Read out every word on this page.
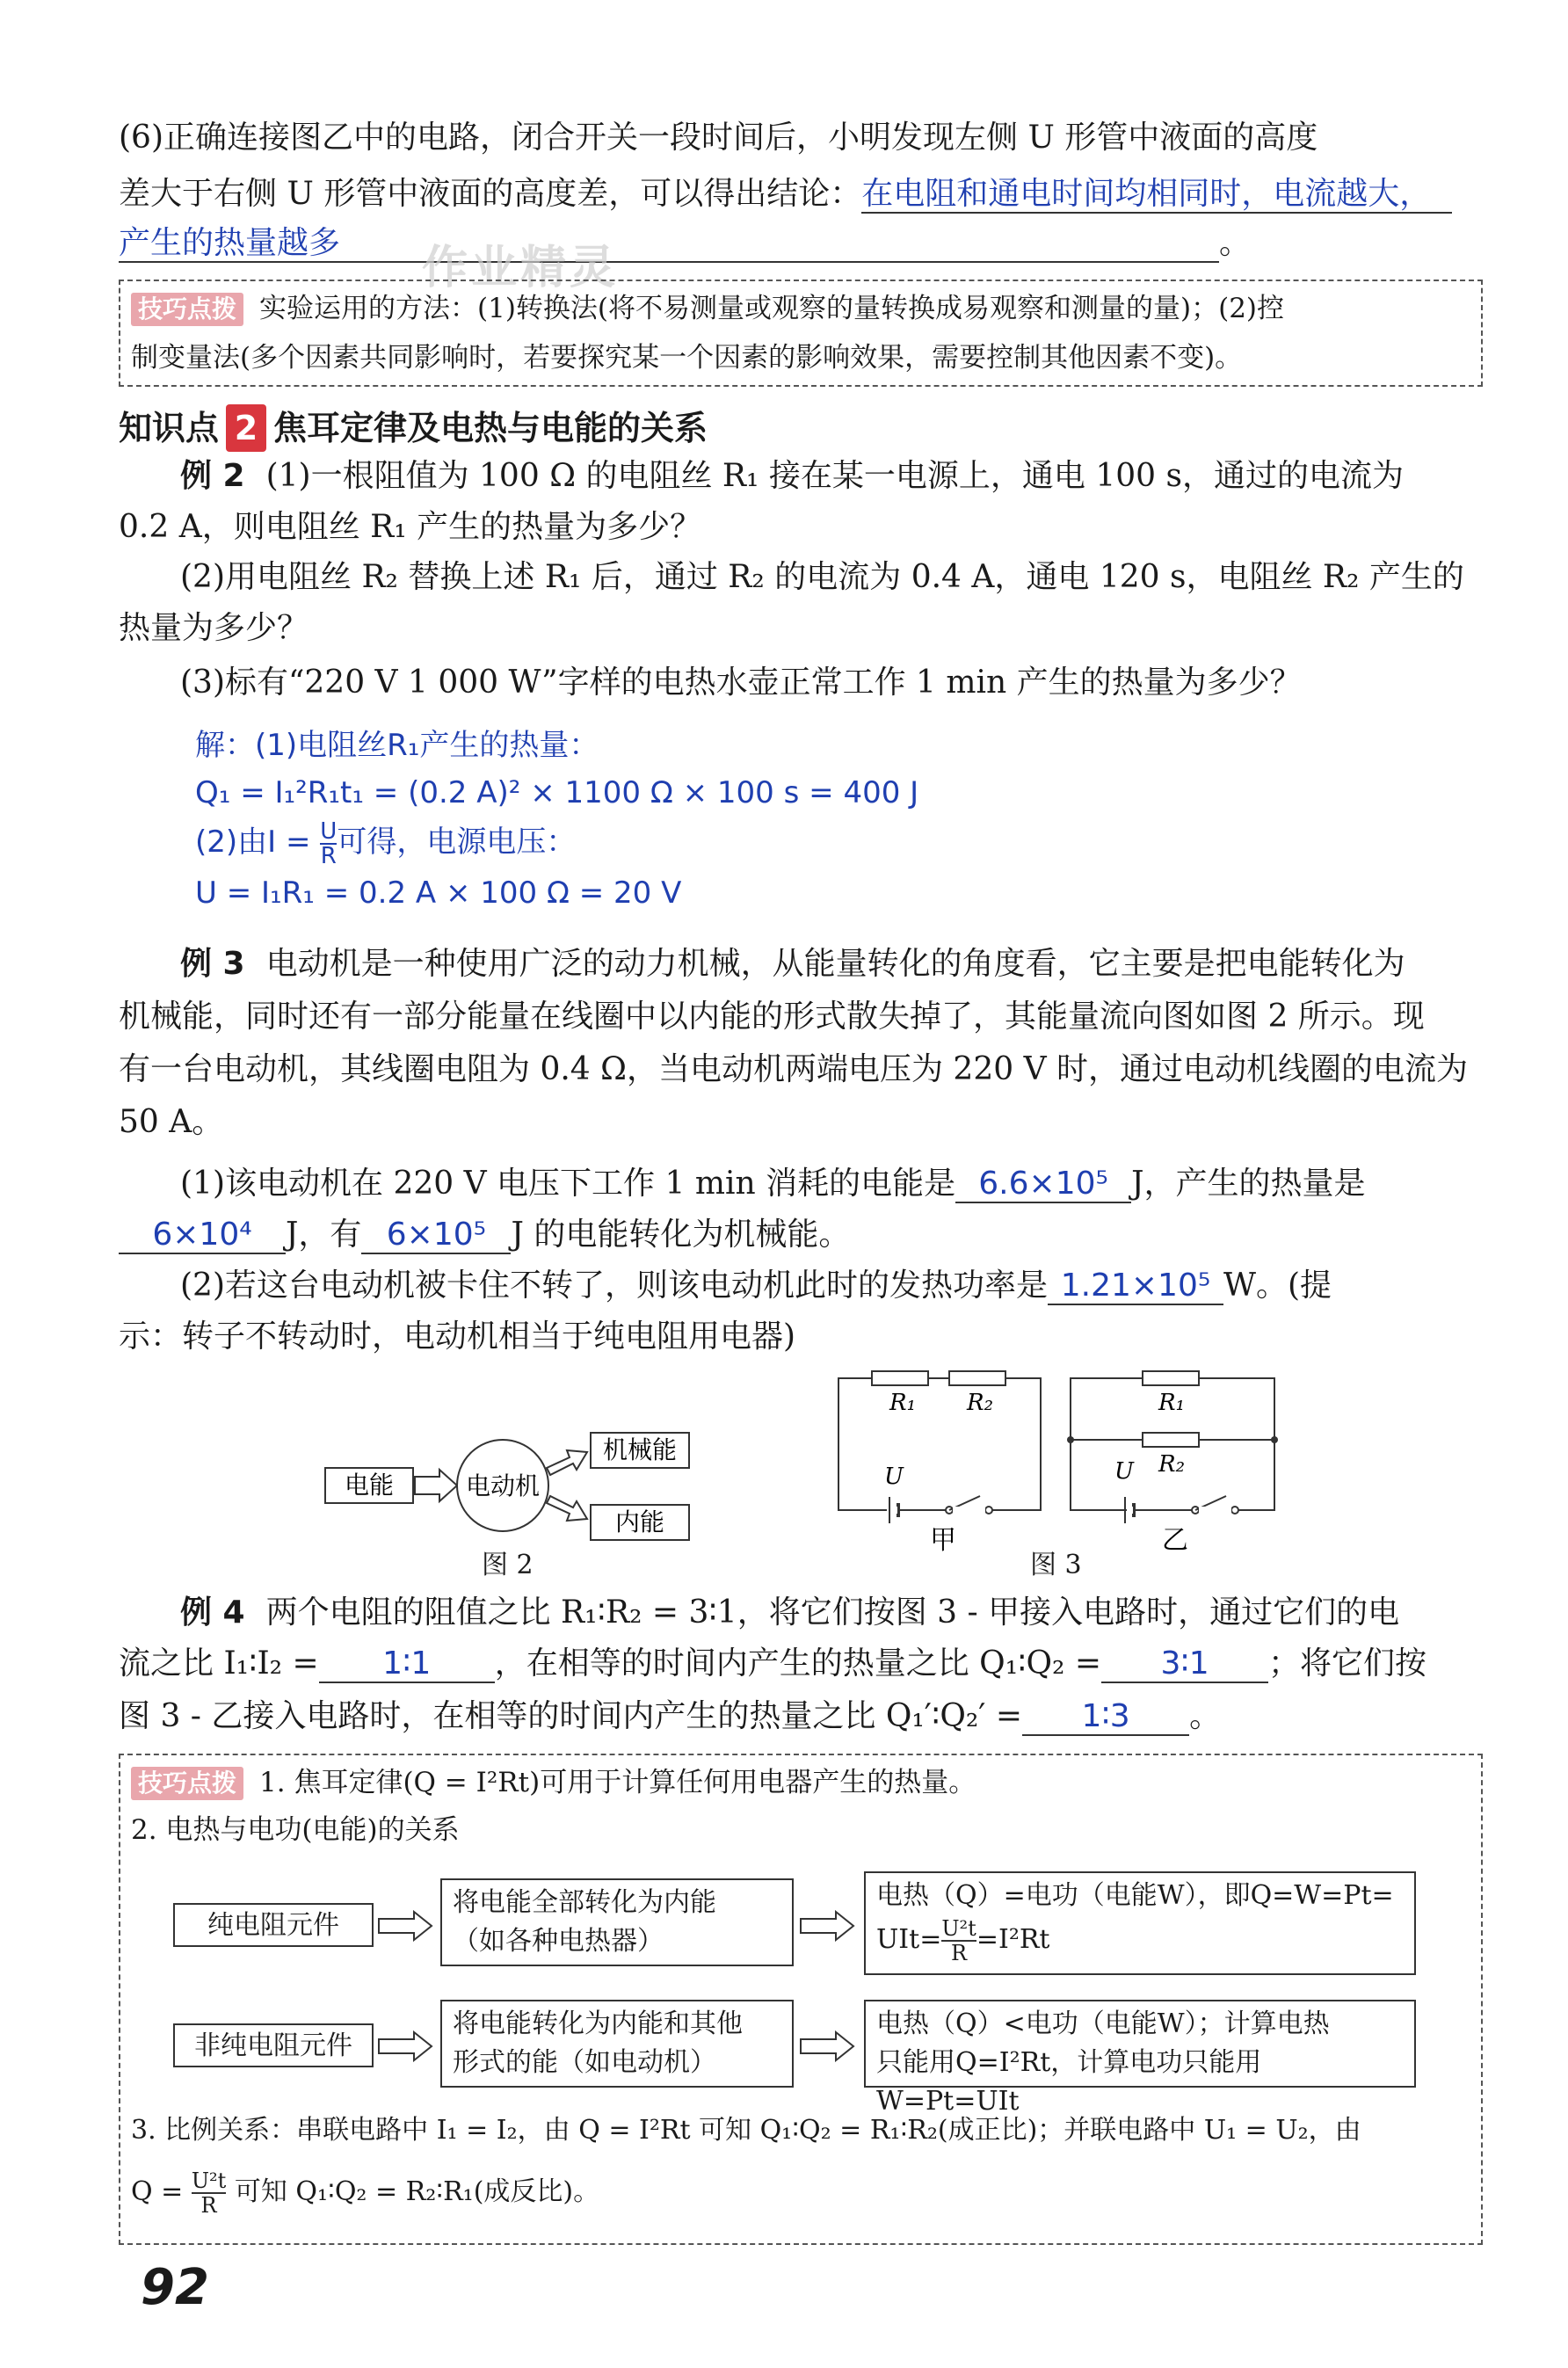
(6)正确连接图乙中的电路，闭合开关一段时间后，小明发现左侧 U 形管中液面的高度
差大于右侧 U 形管中液面的高度差，可以得出结论：在电阻和通电时间均相同时，电流越大，
产生的热量越多	。
作业精灵
技巧点拨 实验运用的方法：(1)转换法(将不易测量或观察的量转换成易观察和测量的量)；(2)控
制变量法(多个因素共同影响时，若要探究某一个因素的影响效果，需要控制其他因素不变)。
知识点 2 焦耳定律及电热与电能的关系
例 2 (1)一根阻值为 100 Ω 的电阻丝 R₁ 接在某一电源上，通电 100 s，通过的电流为
0.2 A，则电阻丝 R₁ 产生的热量为多少？
(2)用电阻丝 R₂ 替换上述 R₁ 后，通过 R₂ 的电流为 0.4 A，通电 120 s，电阻丝 R₂ 产生的
热量为多少？
(3)标有“220 V 1 000 W”字样的电热水壶正常工作 1 min 产生的热量为多少？
解：(1)电阻丝R₁产生的热量：
Q₁ = I₁²R₁t₁ = (0.2 A)² × 1100 Ω × 100 s = 400 J
(2)由$I = \frac{U}{R}$ 可得，电源电压：
U = I₁R₁ = 0.2 A × 100 Ω = 20 V
例 3 电动机是一种使用广泛的动力机械，从能量转化的角度看，它主要是把电能转化为
机械能，同时还有一部分能量在线圈中以内能的形式散失掉了，其能量流向图如图 2 所示。现
有一台电动机，其线圈电阻为 0.4 Ω，当电动机两端电压为 220 V 时，通过电动机线圈的电流为
50 A。
(1)该电动机在 220 V 电压下工作 1 min 消耗的电能是 6.6×10⁵ J，产生的热量是
6×10⁴ J，有 6×10⁵ J 的电能转化为机械能。
(2)若这台电动机被卡住不转了，则该电动机此时的发热功率是 1.21×10⁵ W。(提
示：转子不转动时，电动机相当于纯电阻用电器)
电能	电动机
机械能
内能
图 2
R₁ R₂
U
甲
R₁
R₂
U
乙
图 3
例 4 两个电阻的阻值之比 R₁∶R₂ = 3∶1，将它们按图 3 - 甲接入电路时，通过它们的电
流之比 I₁∶I₂ = 1∶1 ，在相等的时间内产生的热量之比 Q₁∶Q₂ = 3∶1 ；将它们按
图 3 - 乙接入电路时，在相等的时间内产生的热量之比 Q₁′∶Q₂′ = 1∶3 。
技巧点拨 1. 焦耳定律(Q = I²Rt)可用于计算任何用电器产生的热量。
2. 电热与电功(电能)的关系
纯电阻元件
将电能全部转化为内能
（如各种电热器）
电热（Q）=电功（电能W），即Q=W=Pt=
$UIt= \frac{\text{U²t}}{R} =I^2Rt$
非纯电阻元件
将电能转化为内能和其他
形式的能（如电动机）
电热（Q）<电功（电能W）；计算电热
只能用Q=I²Rt，计算电功只能用W=Pt=UIt
3. 比例关系：串联电路中 I₁ = I₂，由 Q = I²Rt 可知 Q₁∶Q₂ = R₁∶R₂(成正比)；并联电路中 U₁ = U₂，由
$Q = \frac{\text{U²t}}{R}$ 可知 Q₁∶Q₂ = R₂∶R₁(成反比)。
92
